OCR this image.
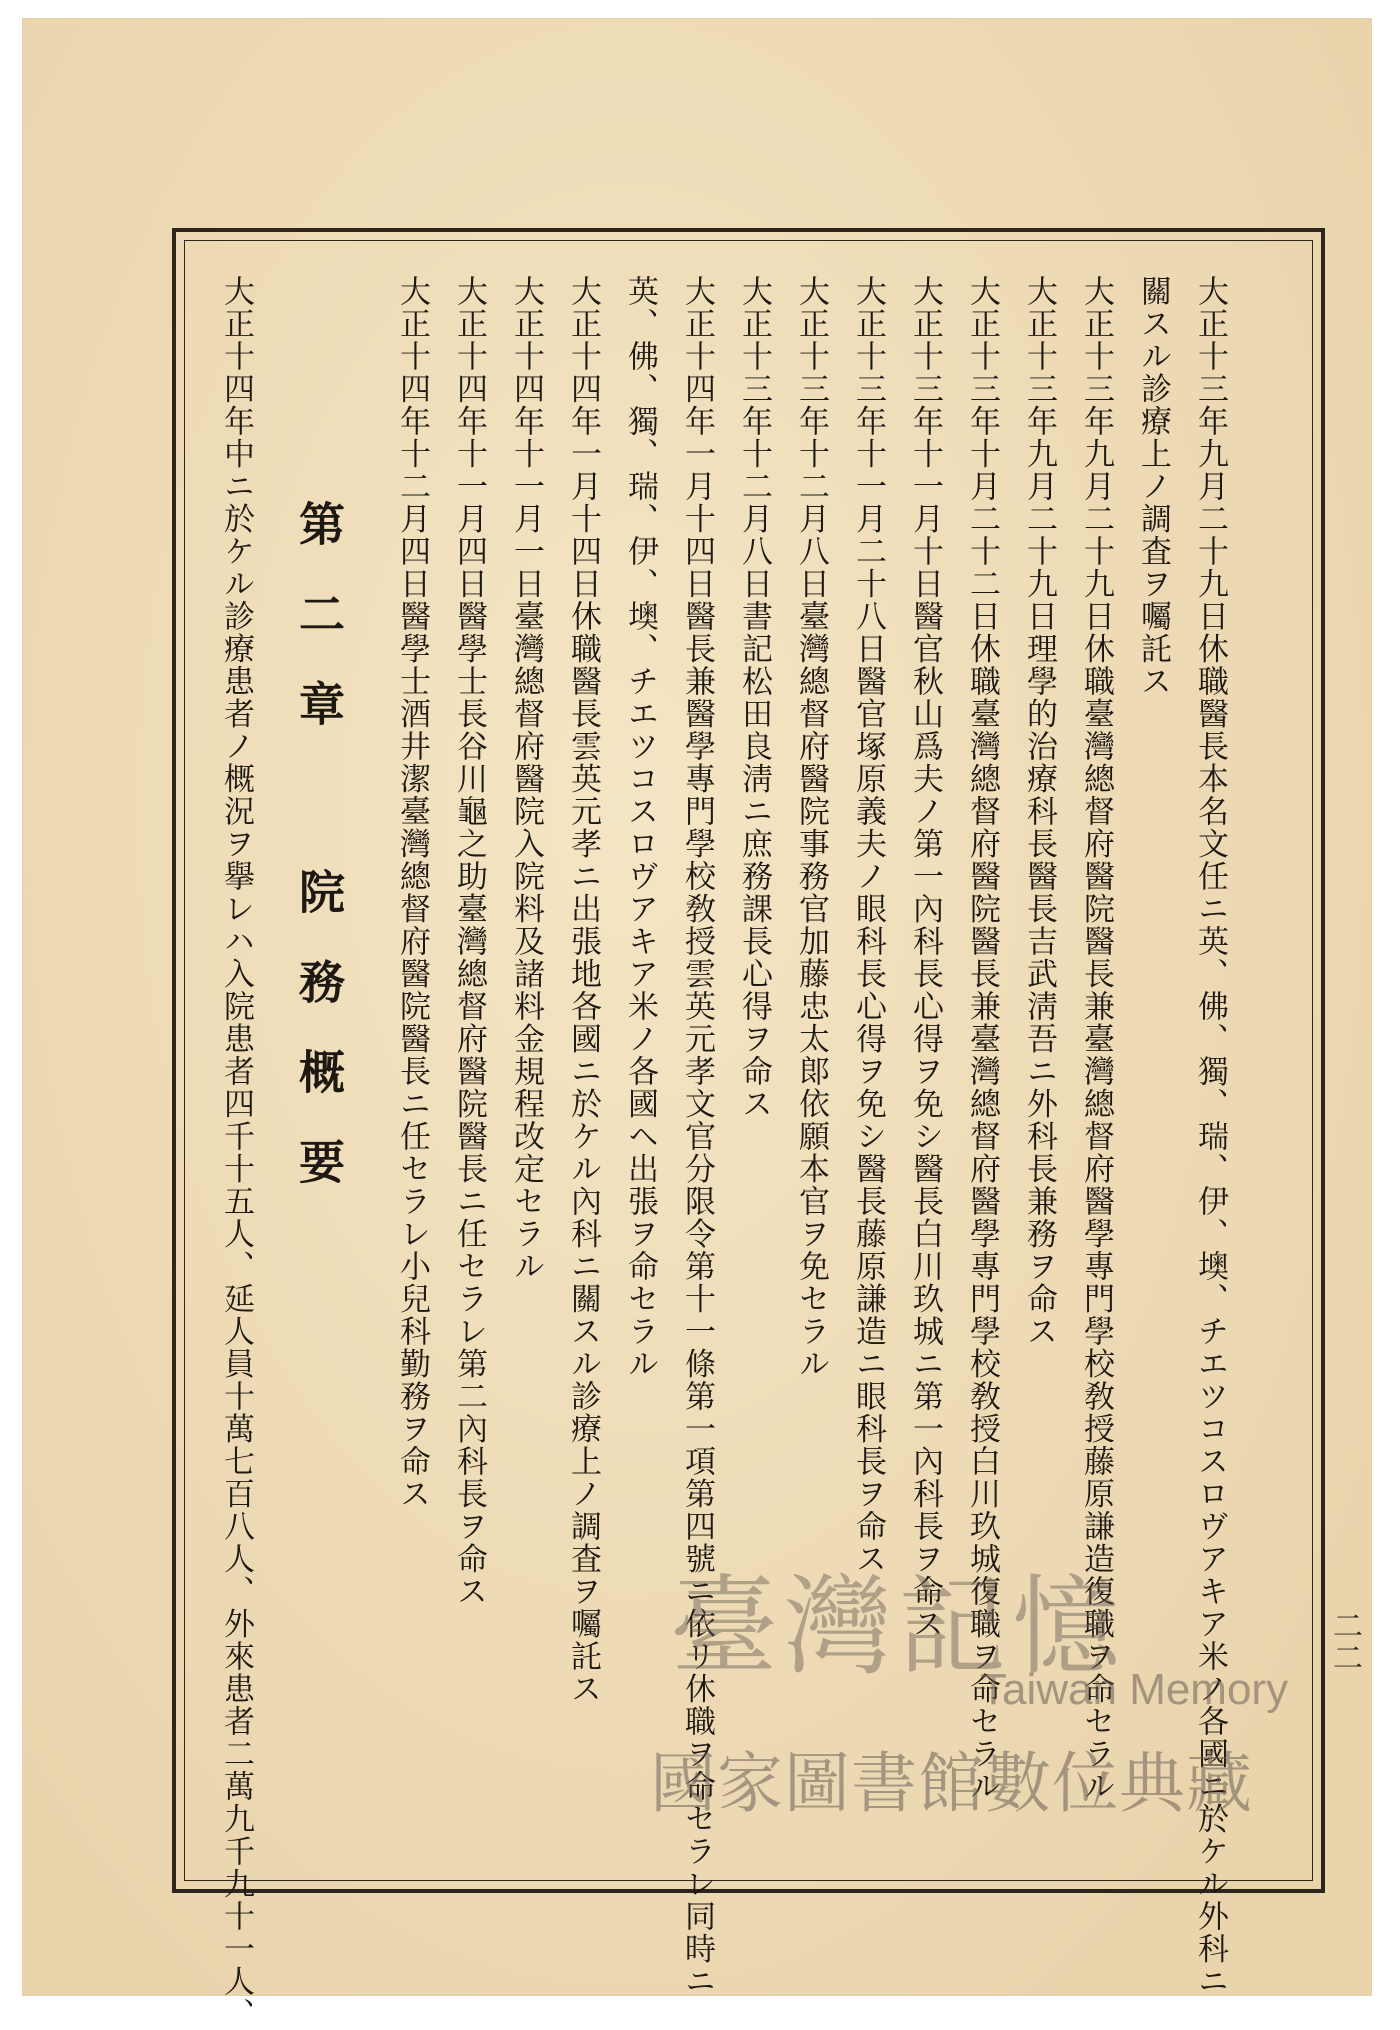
二二
大正十三年九月二十九日休職醫長本名文任ニ英、佛、獨、瑞、伊、墺、チエツコスロヴアキア米ノ各國ニ於ケル外科ニ
關スル診療上ノ調査ヲ囑託ス
大正十三年九月二十九日休職臺灣總督府醫院醫長兼臺灣總督府醫學專門學校敎授藤原謙造復職ヲ命セラル
大正十三年九月二十九日理學的治療科長醫長吉武淸吾ニ外科長兼務ヲ命ス
大正十三年十月二十二日休職臺灣總督府醫院醫長兼臺灣總督府醫學專門學校敎授白川玖城復職ヲ命セラル
大正十三年十一月十日醫官秋山爲夫ノ第一內科長心得ヲ免シ醫長白川玖城ニ第一內科長ヲ命ス
大正十三年十一月二十八日醫官塚原義夫ノ眼科長心得ヲ免シ醫長藤原謙造ニ眼科長ヲ命ス
大正十三年十二月八日臺灣總督府醫院事務官加藤忠太郞依願本官ヲ免セラル
大正十三年十二月八日書記松田良淸ニ庶務課長心得ヲ命ス
大正十四年一月十四日醫長兼醫學專門學校敎授雲英元孝文官分限令第十一條第一項第四號ニ依リ休職ヲ命セラレ同時ニ
英、佛、獨、瑞、伊、墺、チエツコスロヴアキア米ノ各國ヘ出張ヲ命セラル
大正十四年一月十四日休職醫長雲英元孝ニ出張地各國ニ於ケル內科ニ關スル診療上ノ調査ヲ囑託ス
大正十四年十一月一日臺灣總督府醫院入院料及諸料金規程改定セラル
大正十四年十一月四日醫學士長谷川龜之助臺灣總督府醫院醫長ニ任セラレ第二內科長ヲ命ス
大正十四年十二月四日醫學士酒井潔臺灣總督府醫院醫長ニ任セラレ小兒科勤務ヲ命ス
第二章 院務概要
大正十四年中ニ於ケル診療患者ノ概況ヲ擧レハ入院患者四千十五人、延人員十萬七百八人、外來患者二萬九千九十一人、	臺灣記憶
Taiwan Memory
國家圖書館數位典藏
